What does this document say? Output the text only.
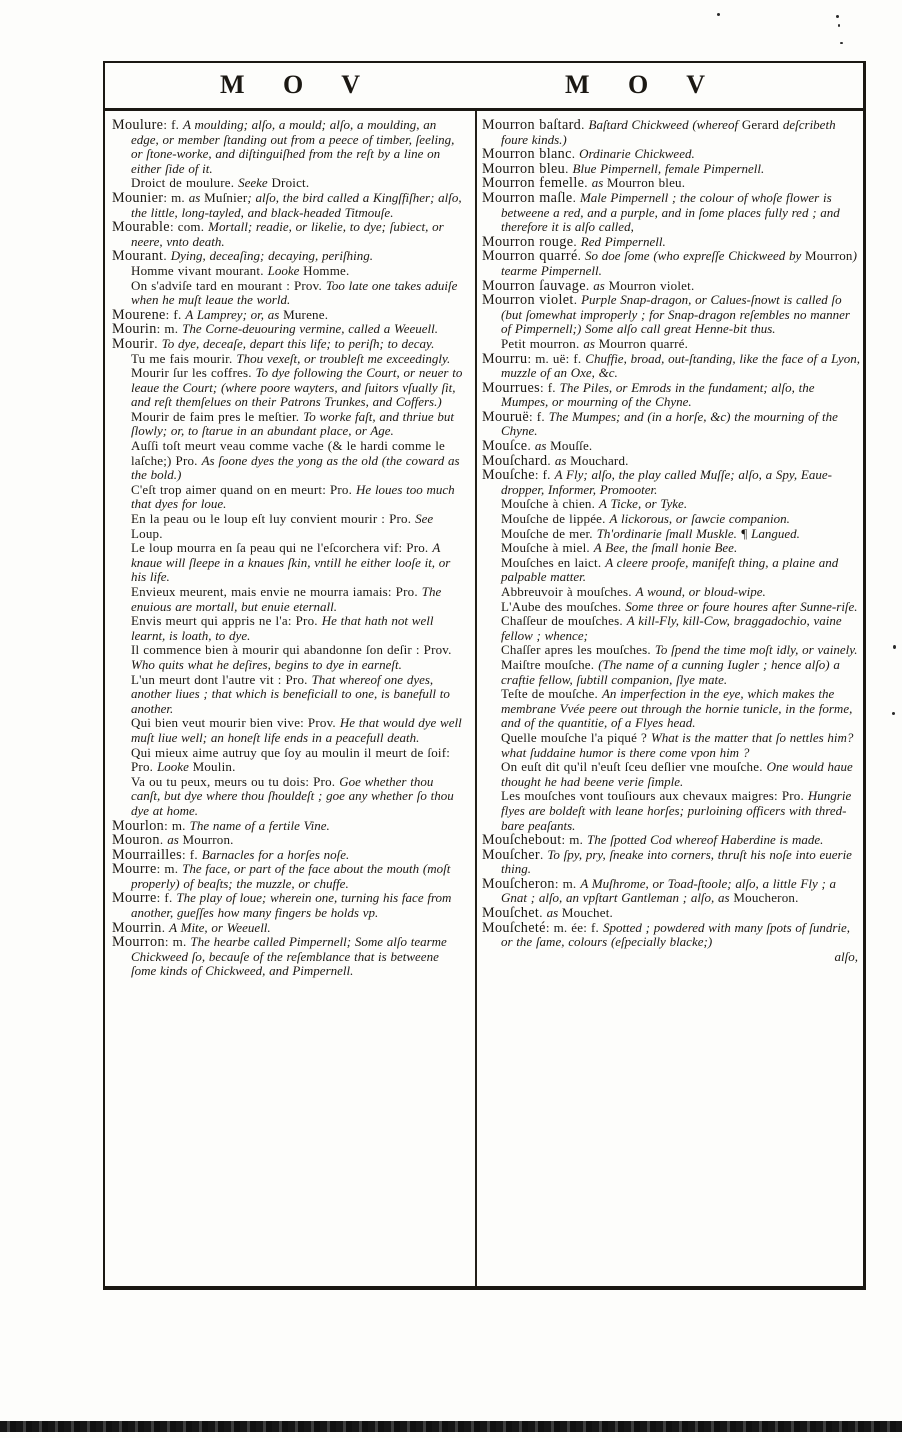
M O V	M O V

Moulure: f. A moulding; alſo, a mould; alſo, a moulding, an edge, or member ſtanding out from a peece of timber, ſeeling, or ſtone-worke, and diſtinguiſhed from the reſt by a line on either ſide of it.

Droict de moulure. Seeke Droict.

Mounier: m. as Muſnier; alſo, the bird called a Kingſfiſher; alſo, the little, long-tayled, and black-headed Titmouſe.

Mourable: com. Mortall; readie, or likelie, to dye; ſubiect, or neere, vnto death.

Mourant. Dying, deceaſing; decaying, periſhing.

Homme vivant mourant. Looke Homme.

On s'adviſe tard en mourant : Prov. Too late one takes aduiſe when he muſt leaue the world.

Mourene: f. A Lamprey; or, as Murene.

Mourin: m. The Corne-deuouring vermine, called a Weeuell.

Mourir. To dye, deceaſe, depart this life; to periſh; to decay.

Tu me fais mourir. Thou vexeſt, or troubleſt me exceedingly.

Mourir ſur les coffres. To dye following the Court, or neuer to leaue the Court; (where poore wayters, and ſuitors vſually ſit, and reſt themſelues on their Patrons Trunkes, and Coffers.)

Mourir de faim pres le meſtier. To worke faſt, and thriue but ſlowly; or, to ſtarue in an abundant place, or Age.

Auſſi toſt meurt veau comme vache (& le hardi comme le laſche;) Pro. As ſoone dyes the yong as the old (the coward as the bold.)

C'eſt trop aimer quand on en meurt: Pro. He loues too much that dyes for loue.

En la peau ou le loup eſt luy convient mourir : Pro. See Loup.

Le loup mourra en ſa peau qui ne l'eſcorchera vif: Pro. A knaue will ſleepe in a knaues ſkin, vntill he either looſe it, or his life.

Envieux meurent, mais envie ne mourra iamais: Pro. The enuious are mortall, but enuie eternall.

Envis meurt qui appris ne l'a: Pro. He that hath not well learnt, is loath, to dye.

Il commence bien à mourir qui abandonne ſon deſir : Prov. Who quits what he deſires, begins to dye in earneſt.

L'un meurt dont l'autre vit : Pro. That whereof one dyes, another liues ; that which is beneficiall to one, is banefull to another.

Qui bien veut mourir bien vive: Prov. He that would dye well muſt liue well; an honeſt life ends in a peacefull death.

Qui mieux aime autruy que ſoy au moulin il meurt de ſoif: Pro. Looke Moulin.

Va ou tu peux, meurs ou tu dois: Pro. Goe whether thou canſt, but dye where thou ſhouldeſt ; goe any whether ſo thou dye at home.

Mourlon: m. The name of a fertile Vine.

Mouron. as Mourron.

Mourrailles: f. Barnacles for a horſes noſe.

Mourre: m. The face, or part of the face about the mouth (moſt properly) of beaſts; the muzzle, or chuffe.

Mourre: f. The play of loue; wherein one, turning his face from another, gueſſes how many fingers be holds vp.

Mourrin. A Mite, or Weeuell.

Mourron: m. The hearbe called Pimpernell; Some alſo tearme Chickweed ſo, becauſe of the reſemblance that is betweene ſome kinds of Chickweed, and Pimpernell.

Mourron baſtard. Baſtard Chickweed (whereof Gerard deſcribeth foure kinds.)

Mourron blanc. Ordinarie Chickweed.

Mourron bleu. Blue Pimpernell, female Pimpernell.

Mourron femelle. as Mourron bleu.

Mourron maſle. Male Pimpernell ; the colour of whoſe flower is betweene a red, and a purple, and in ſome places fully red ; and therefore it is alſo called,

Mourron rouge. Red Pimpernell.

Mourron quarré. So doe ſome (who expreſſe Chickweed by Mourron) tearme Pimpernell.

Mourron ſauvage. as Mourron violet.

Mourron violet. Purple Snap-dragon, or Calues-ſnowt is called ſo (but ſomewhat improperly ; for Snap-dragon reſembles no manner of Pimpernell;) Some alſo call great Henne-bit thus.

Petit mourron. as Mourron quarré.

Mourru: m. uë: f. Chuffie, broad, out-ſtanding, like the face of a Lyon, muzzle of an Oxe, &c.

Mourrues: f. The Piles, or Emrods in the fundament; alſo, the Mumpes, or mourning of the Chyne.

Mouruë: f. The Mumpes; and (in a horſe, &c) the mourning of the Chyne.

Mouſce. as Mouſſe.

Mouſchard. as Mouchard.

Mouſche: f. A Fly; alſo, the play called Muſſe; alſo, a Spy, Eaue-dropper, Informer, Promooter.

Mouſche à chien. A Ticke, or Tyke.

Mouſche de lippée. A lickorous, or ſawcie companion.

Mouſche de mer. Th'ordinarie ſmall Muskle. ¶ Langued.

Mouſche à miel. A Bee, the ſmall honie Bee.

Mouſches en laict. A cleere proofe, manifeſt thing, a plaine and palpable matter.

Abbreuvoir à mouſches. A wound, or bloud-wipe.

L'Aube des mouſches. Some three or foure houres after Sunne-riſe.

Chaſſeur de mouſches. A kill-Fly, kill-Cow, braggadochio, vaine fellow ; whence;

Chaſſer apres les mouſches. To ſpend the time moſt idly, or vainely.

Maiſtre mouſche. (The name of a cunning Iugler ; hence alſo) a craftie fellow, ſubtill companion, ſlye mate.

Teſte de mouſche. An imperfection in the eye, which makes the membrane Vvée peere out through the hornie tunicle, in the forme, and of the quantitie, of a Flyes head.

Quelle mouſche l'a piqué ? What is the matter that ſo nettles him? what ſuddaine humor is there come vpon him ?

On euſt dit qu'il n'euſt ſceu deſlier vne mouſche. One would haue thought he had beene verie ſimple.

Les mouſches vont touſiours aux chevaux maigres: Pro. Hungrie flyes are boldeſt with leane horſes; purloining officers with thred-bare peaſants.

Mouſchebout: m. The ſpotted Cod whereof Haberdine is made.

Mouſcher. To ſpy, pry, ſneake into corners, thruſt his noſe into euerie thing.

Mouſcheron: m. A Muſhrome, or Toad-ſtoole; alſo, a little Fly ; a Gnat ; alſo, an vpſtart Gantleman ; alſo, as Moucheron.

Mouſchet. as Mouchet.

Mouſcheté: m. ée: f. Spotted ; powdered with many ſpots of ſundrie, or the ſame, colours (eſpecially blacke;)

alſo,
